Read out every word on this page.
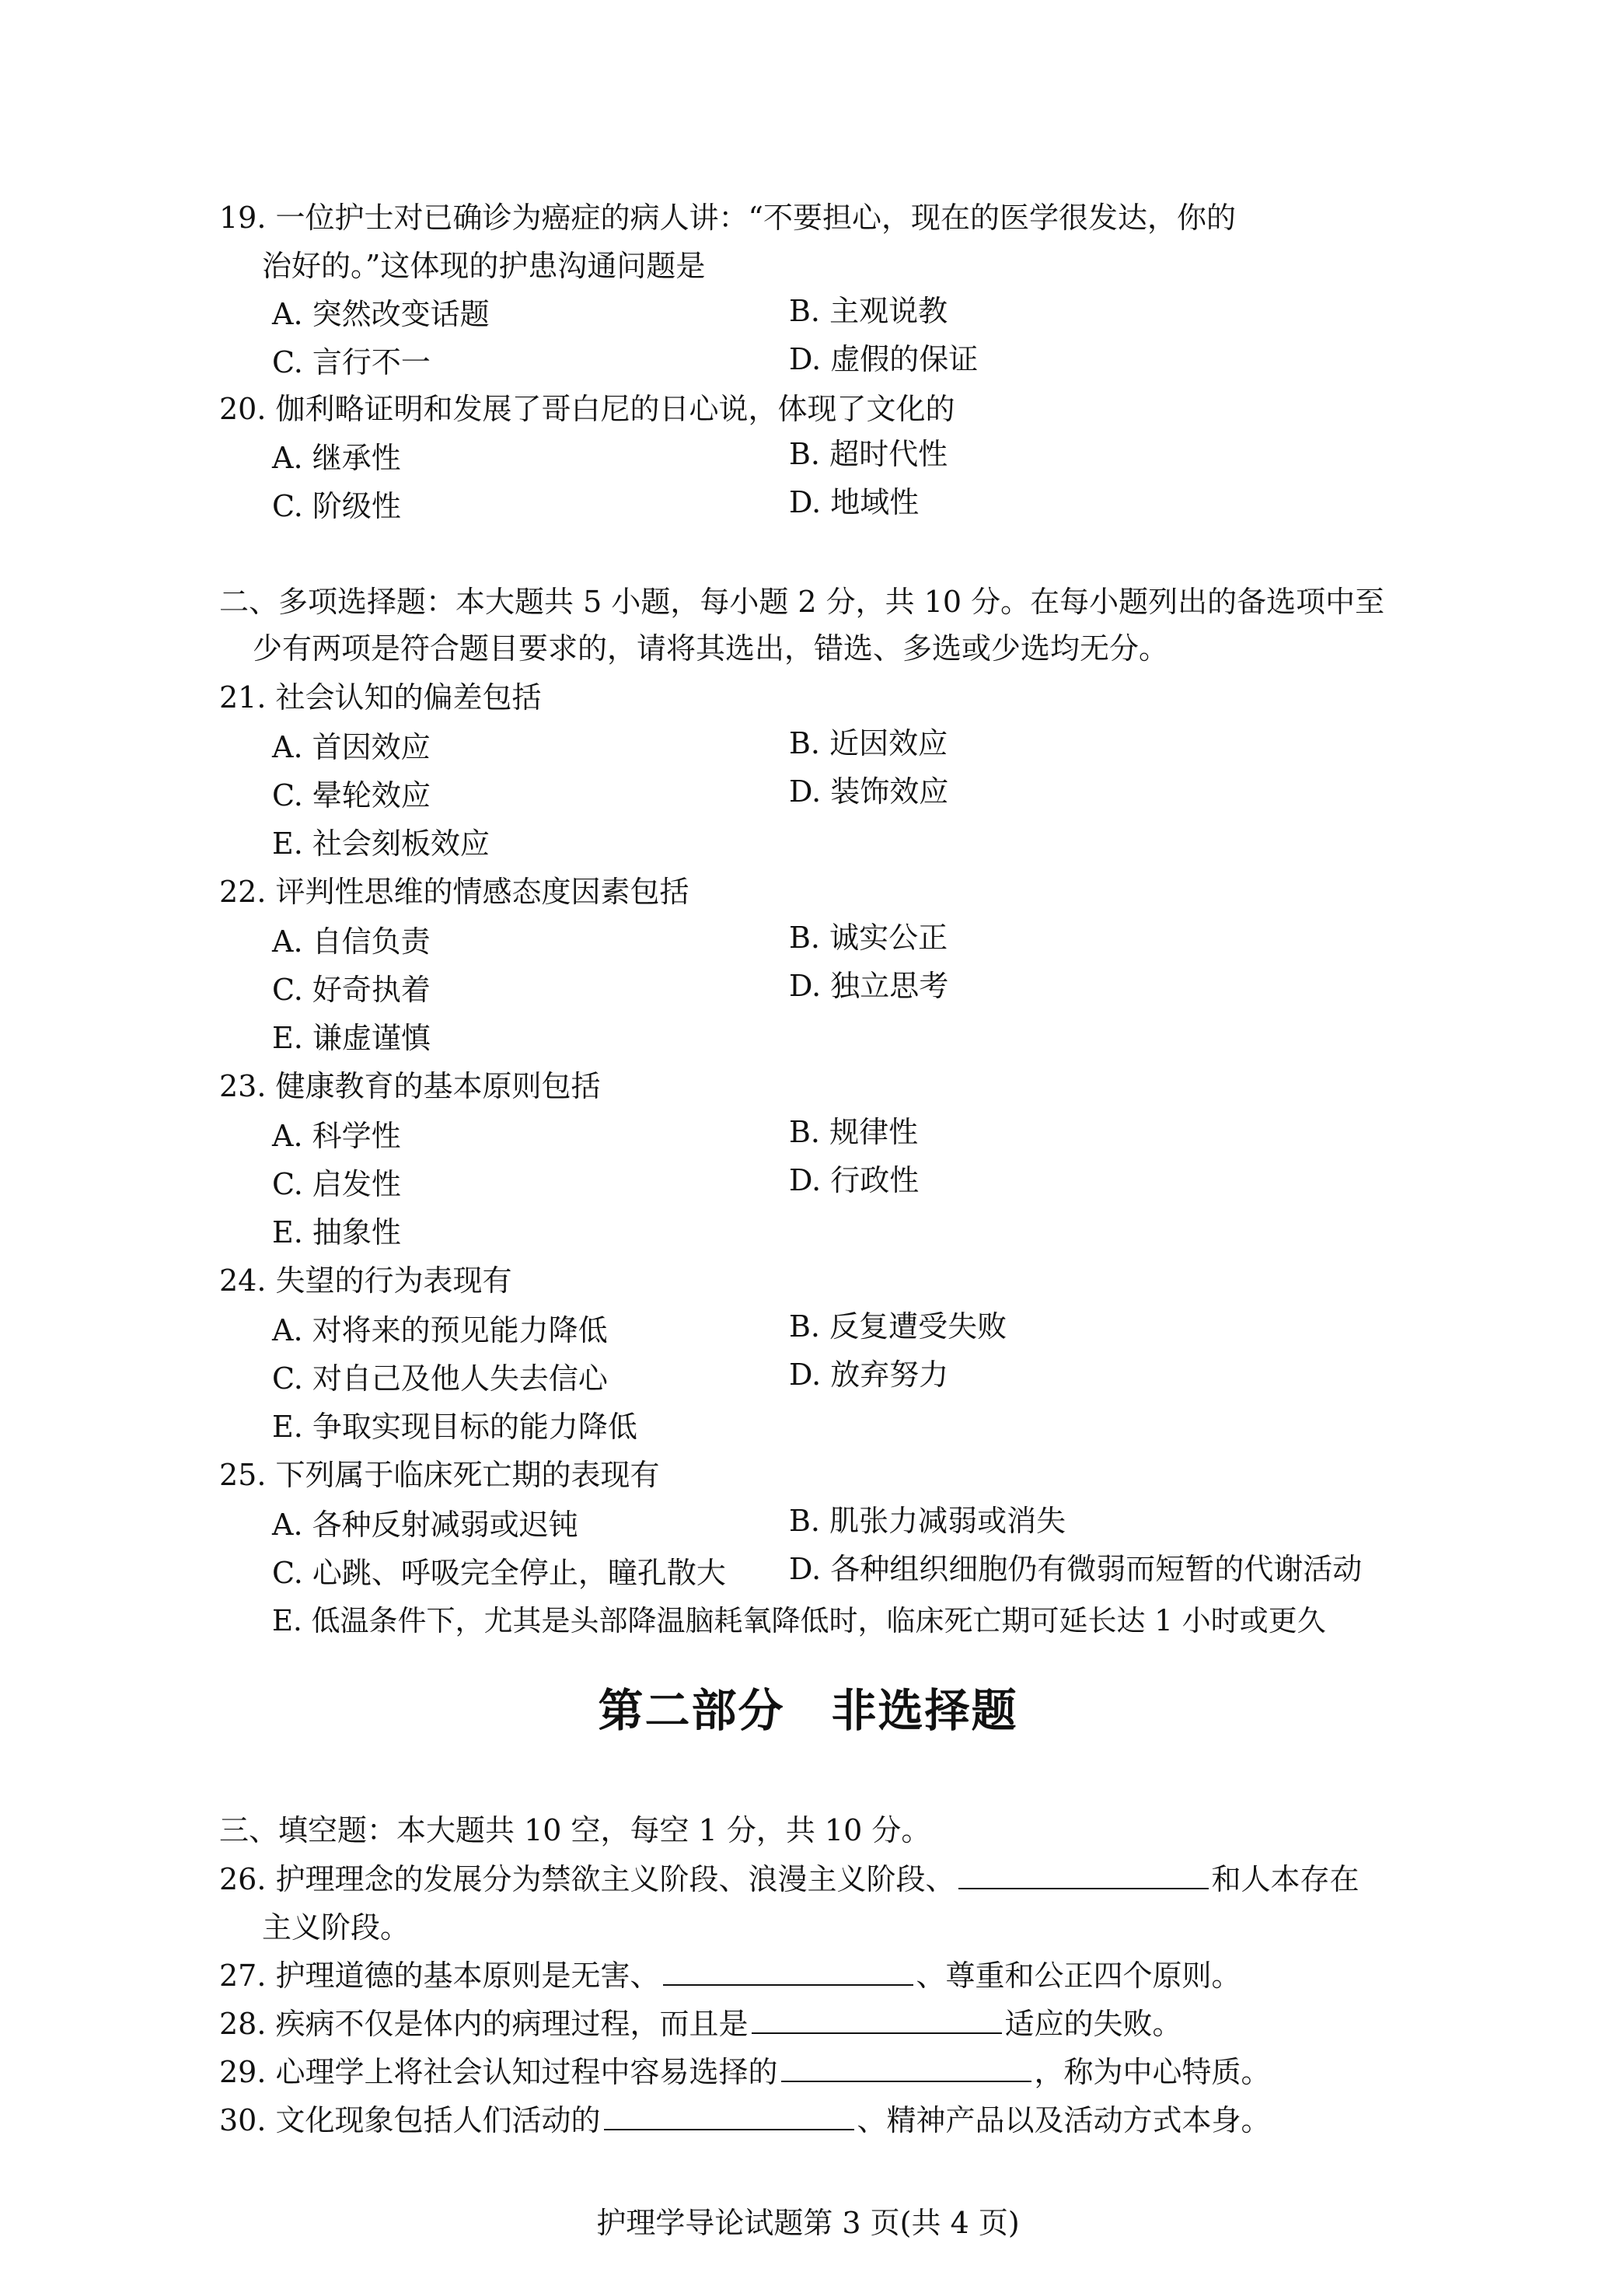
19. 一位护士对已确诊为癌症的病人讲：“不要担心，现在的医学很发达，你的
治好的。”这体现的护患沟通问题是
A. 突然改变话题	B. 主观说教
C. 言行不一	D. 虚假的保证
20. 伽利略证明和发展了哥白尼的日心说，体现了文化的
A. 继承性	B. 超时代性
C. 阶级性	D. 地域性
二、多项选择题：本大题共 5 小题，每小题 2 分，共 10 分。在每小题列出的备选项中至
少有两项是符合题目要求的，请将其选出，错选、多选或少选均无分。
21. 社会认知的偏差包括
A. 首因效应	B. 近因效应
C. 晕轮效应	D. 装饰效应
E. 社会刻板效应
22. 评判性思维的情感态度因素包括
A. 自信负责	B. 诚实公正
C. 好奇执着	D. 独立思考
E. 谦虚谨慎
23. 健康教育的基本原则包括
A. 科学性	B. 规律性
C. 启发性	D. 行政性
E. 抽象性
24. 失望的行为表现有
A. 对将来的预见能力降低	B. 反复遭受失败
C. 对自己及他人失去信心	D. 放弃努力
E. 争取实现目标的能力降低
25. 下列属于临床死亡期的表现有
A. 各种反射减弱或迟钝	B. 肌张力减弱或消失
C. 心跳、呼吸完全停止，瞳孔散大 D. 各种组织细胞仍有微弱而短暂的代谢活动
E. 低温条件下，尤其是头部降温脑耗氧降低时，临床死亡期可延长达 1 小时或更久
第二部分 非选择题
三、填空题：本大题共 10 空，每空 1 分，共 10 分。
26. 护理理念的发展分为禁欲主义阶段、浪漫主义阶段、	和人本存在
主义阶段。
27. 护理道德的基本原则是无害、	、尊重和公正四个原则。
28. 疾病不仅是体内的病理过程，而且是	适应的失败。
29. 心理学上将社会认知过程中容易选择的	，称为中心特质。
30. 文化现象包括人们活动的	、精神产品以及活动方式本身。
护理学导论试题第 3 页(共 4 页)
